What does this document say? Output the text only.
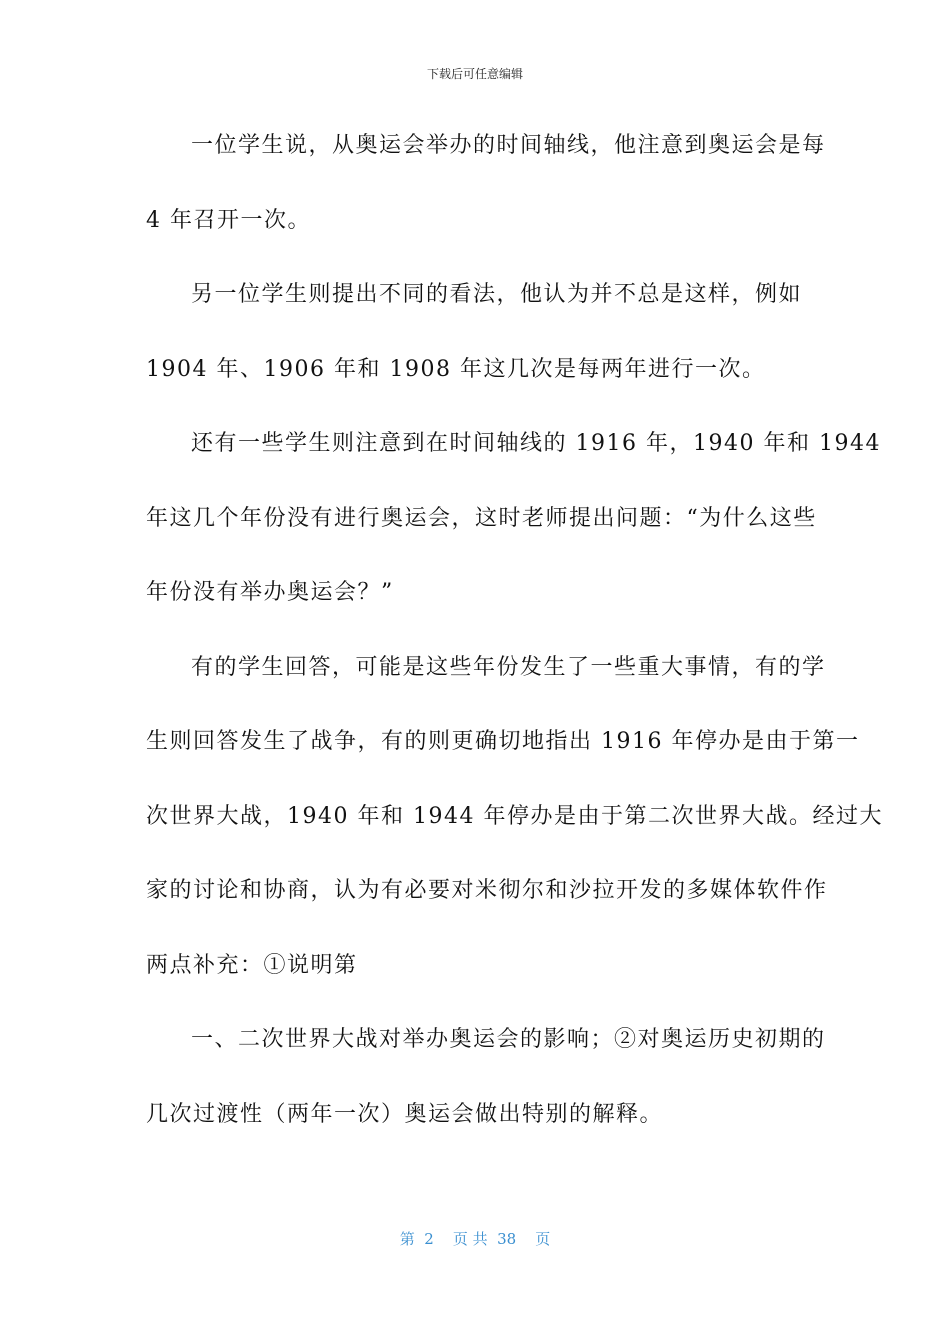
下载后可任意编辑
一位学生说，从奥运会举办的时间轴线，他注意到奥运会是每
4 年召开一次。
另一位学生则提出不同的看法，他认为并不总是这样，例如
1904 年、1906 年和 1908 年这几次是每两年进行一次。
还有一些学生则注意到在时间轴线的 1916 年，1940 年和 1944
年这几个年份没有进行奥运会，这时老师提出问题：“为什么这些
年份没有举办奥运会？”
有的学生回答，可能是这些年份发生了一些重大事情，有的学
生则回答发生了战争，有的则更确切地指出 1916 年停办是由于第一
次世界大战，1940 年和 1944 年停办是由于第二次世界大战。经过大
家的讨论和协商，认为有必要对米彻尔和沙拉开发的多媒体软件作
两点补充：①说明第
一、二次世界大战对举办奥运会的影响；②对奥运历史初期的
几次过渡性（两年一次）奥运会做出特别的解释。
第  2    页 共  38    页
